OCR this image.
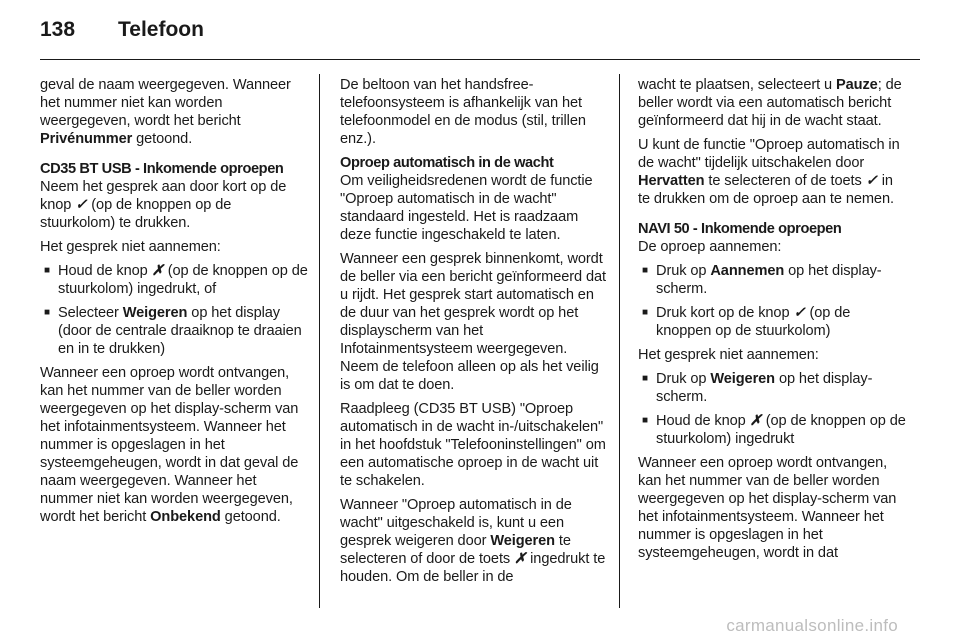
138	Telefoon

geval de naam weergegeven. Wanneer het nummer niet kan worden weergegeven, wordt het bericht Privénummer getoond.

CD35 BT USB - Inkomende oproepen

Neem het gesprek aan door kort op de knop ✓ (op de knoppen op de stuurkolom) te drukken.

Het gesprek niet aannemen:

■ Houd de knop ✗ (op de knoppen op de stuurkolom) ingedrukt, of
■ Selecteer Weigeren op het display (door de centrale draaiknop te draaien en in te drukken)

Wanneer een oproep wordt ontvangen, kan het nummer van de beller worden weergegeven op het display-scherm van het infotainmentsysteem. Wanneer het nummer is opgeslagen in het systeemgeheugen, wordt in dat geval de naam weergegeven. Wanneer het nummer niet kan worden weergegeven, wordt het bericht Onbekend getoond.

De beltoon van het handsfree-telefoonsysteem is afhankelijk van het telefoonmodel en de modus (stil, trillen enz.).

Oproep automatisch in de wacht

Om veiligheidsredenen wordt de functie "Oproep automatisch in de wacht" standaard ingesteld. Het is raadzaam deze functie ingeschakeld te laten.

Wanneer een gesprek binnenkomt, wordt de beller via een bericht geïnformeerd dat u rijdt. Het gesprek start automatisch en de duur van het gesprek wordt op het displayscherm van het Infotainmentsysteem weergegeven. Neem de telefoon alleen op als het veilig is om dat te doen.

Raadpleeg (CD35 BT USB) "Oproep automatisch in de wacht in-/uitschakelen" in het hoofdstuk "Telefooninstellingen" om een automatische oproep in de wacht uit te schakelen.

Wanneer "Oproep automatisch in de wacht" uitgeschakeld is, kunt u een gesprek weigeren door Weigeren te selecteren of door de toets ✗ ingedrukt te houden. Om de beller in de

wacht te plaatsen, selecteert u Pauze; de beller wordt via een automatisch bericht geïnformeerd dat hij in de wacht staat.

U kunt de functie "Oproep automatisch in de wacht" tijdelijk uitschakelen door Hervatten te selecteren of de toets ✓ in te drukken om de oproep aan te nemen.

NAVI 50 - Inkomende oproepen

De oproep aannemen:

■ Druk op Aannemen op het display-scherm.
■ Druk kort op de knop ✓ (op de knoppen op de stuurkolom)

Het gesprek niet aannemen:

■ Druk op Weigeren op het display-scherm.
■ Houd de knop ✗ (op de knoppen op de stuurkolom) ingedrukt

Wanneer een oproep wordt ontvangen, kan het nummer van de beller worden weergegeven op het display-scherm van het infotainmentsysteem. Wanneer het nummer is opgeslagen in het systeemgeheugen, wordt in dat

carmanualsonline.info
